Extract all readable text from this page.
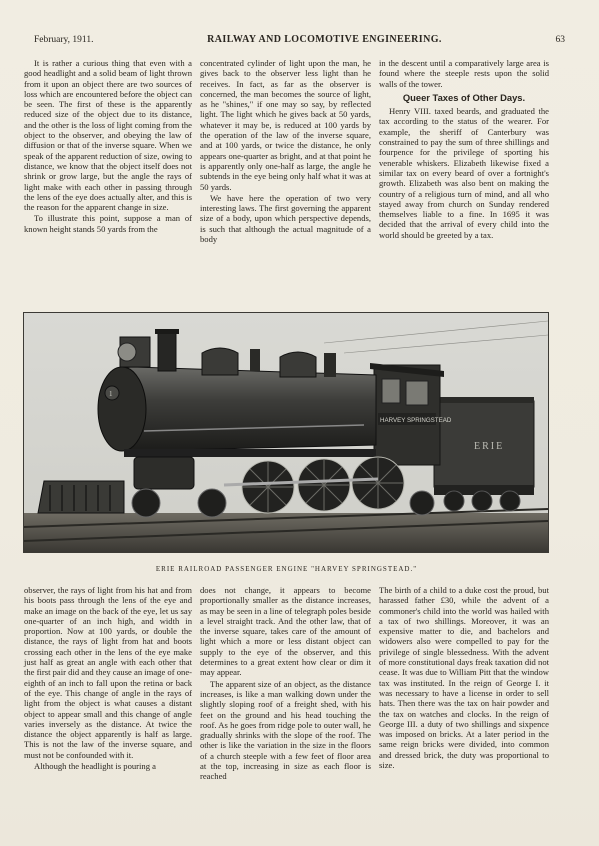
February, 1911.	RAILWAY AND LOCOMOTIVE ENGINEERING.	63

It is rather a curious thing that even with a good headlight and a solid beam of light thrown from it upon an object there are two sources of loss which are encountered before the object can be seen. The first of these is the apparently reduced size of the object due to its distance, and the other is the loss of light coming from the object to the observer, and obeying the law of diffusion or that of the inverse square. When we speak of the apparent reduction of size, owing to distance, we know that the object itself does not shrink or grow large, but the angle the rays of light make with each other in passing through the lens of the eye does actually alter, and this is the reason for the apparent change in size.

To illustrate this point, suppose a man of known height stands 50 yards from the

concentrated cylinder of light upon the man, he gives back to the observer less light than he receives. In fact, as far as the observer is concerned, the man becomes the source of light, as he "shines," if one may so say, by reflected light. The light which he gives back at 50 yards, whatever it may be, is reduced at 100 yards by the operation of the law of the inverse square, and at 100 yards, or twice the distance, he only appears one-quarter as bright, and at that point he is apparently only one-half as large, the angle he subtends in the eye being only half what it was at 50 yards.

We have here the operation of two very interesting laws. The first governing the apparent size of a body, upon which perspective depends, is such that although the actual magnitude of a body

in the descent until a comparatively large area is found where the steeple rests upon the solid walls of the tower.

Queer Taxes of Other Days.

Henry VIII. taxed beards, and graduated the tax according to the status of the wearer. For example, the sheriff of Canterbury was constrained to pay the sum of three shillings and fourpence for the privilege of sporting his venerable whiskers. Elizabeth likewise fixed a similar tax on every beard of over a fortnight's growth. Elizabeth was also bent on making the country of a religious turn of mind, and all who stayed away from church on Sunday rendered themselves liable to a fine. In 1695 it was decided that the arrival of every child into the world should be greeted by a tax.

ERIE
HARVEY SPRINGSTEAD
1
ERIE RAILROAD PASSENGER ENGINE "HARVEY SPRINGSTEAD."

observer, the rays of light from his hat and from his boots pass through the lens of the eye and make an image on the back of the eye, let us say one-quarter of an inch high, and width in proportion. Now at 100 yards, or double the distance, the rays of light from hat and boots crossing each other in the lens of the eye make just half as great an angle with each other that the first pair did and they cause an image of one-eighth of an inch to fall upon the retina or back of the eye. This change of angle in the rays of light from the object is what causes a distant object to appear small and this change of angle varies inversely as the distance. At twice the distance the object apparently is half as large. This is not the law of the inverse square, and must not be confounded with it.

Although the headlight is pouring a

does not change, it appears to become proportionally smaller as the distance increases, as may be seen in a line of telegraph poles beside a level straight track. And the other law, that of the inverse square, takes care of the amount of light which a more or less distant object can supply to the eye of the observer, and this determines to a great extent how clear or dim it may appear.

The apparent size of an object, as the distance increases, is like a man walking down under the slightly sloping roof of a freight shed, with his feet on the ground and his head touching the roof. As he goes from ridge pole to outer wall, he gradually shrinks with the slope of the roof. The other is like the variation in the size in the floors of a church steeple with a few feet of floor area at the top, increasing in size as each floor is reached

The birth of a child to a duke cost the proud, but harassed father £30, while the advent of a commoner's child into the world was hailed with a tax of two shillings. Moreover, it was an expensive matter to die, and bachelors and widowers also were compelled to pay for the privilege of single blessedness. With the advent of more constitutional days freak taxation did not cease. It was due to William Pitt that the window tax was instituted. In the reign of George I. it was necessary to have a license in order to sell hats. Then there was the tax on hair powder and the tax on watches and clocks. In the reign of George III. a duty of two shillings and sixpence was imposed on bricks. At a later period in the same reign bricks were divided, into common and dressed brick, the duty was proportional to size.
